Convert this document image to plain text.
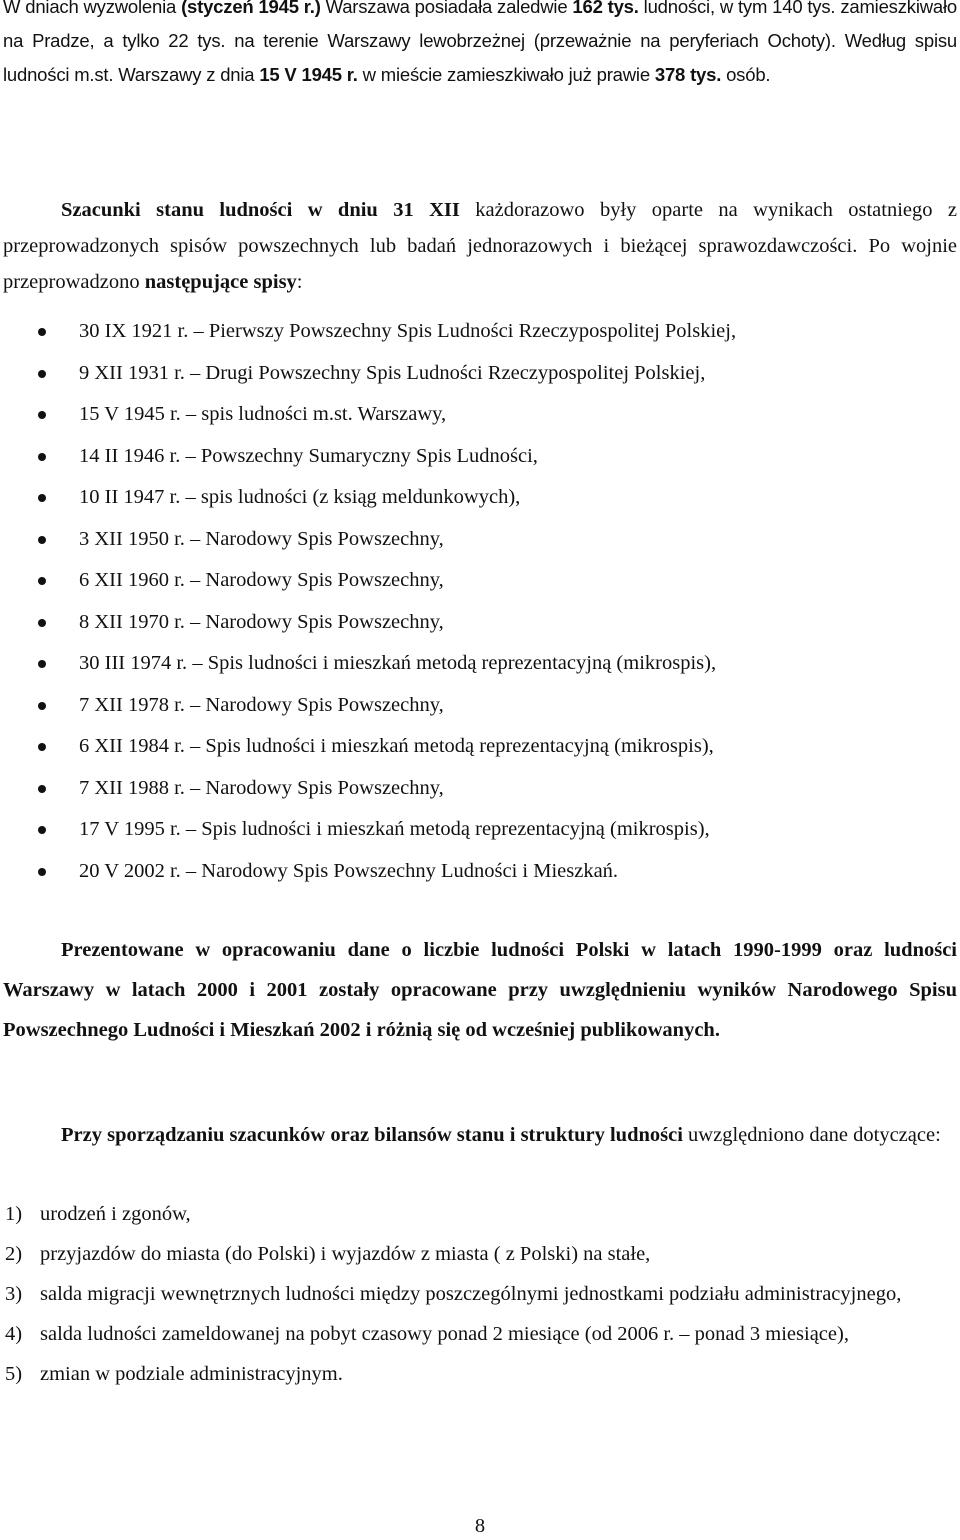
W dniach wyzwolenia (styczeń 1945 r.) Warszawa posiadała zaledwie 162 tys. ludności, w tym 140 tys. zamieszkiwało na Pradze, a tylko 22 tys. na terenie Warszawy lewobrzeżnej (przeważnie na peryferiach Ochoty). Według spisu ludności m.st. Warszawy z dnia 15 V 1945 r. w mieście zamieszkiwało już prawie 378 tys. osób.

Szacunki stanu ludności w dniu 31 XII każdorazowo były oparte na wynikach ostatniego z przeprowadzonych spisów powszechnych lub badań jednorazowych i bieżącej sprawozdawczości. Po wojnie przeprowadzono następujące spisy:

30 IX 1921 r. – Pierwszy Powszechny Spis Ludności Rzeczypospolitej Polskiej,
9 XII 1931 r. – Drugi Powszechny Spis Ludności Rzeczypospolitej Polskiej,
15 V 1945 r. – spis ludności m.st. Warszawy,
14 II 1946 r. – Powszechny Sumaryczny Spis Ludności,
10 II 1947 r. – spis ludności (z ksiąg meldunkowych),
3 XII 1950 r. – Narodowy Spis Powszechny,
6 XII 1960 r. – Narodowy Spis Powszechny,
8 XII 1970 r. – Narodowy Spis Powszechny,
30 III 1974 r. – Spis ludności i mieszkań metodą reprezentacyjną (mikrospis),
7 XII 1978 r. – Narodowy Spis Powszechny,
6 XII 1984 r. – Spis ludności i mieszkań metodą reprezentacyjną (mikrospis),
7 XII 1988 r. – Narodowy Spis Powszechny,
17 V 1995 r. – Spis ludności i mieszkań metodą reprezentacyjną (mikrospis),
20 V 2002 r. – Narodowy Spis Powszechny Ludności i Mieszkań.

Prezentowane w opracowaniu dane o liczbie ludności Polski w latach 1990-1999 oraz ludności Warszawy w latach 2000 i 2001 zostały opracowane przy uwzględnieniu wyników Narodowego Spisu Powszechnego Ludności i Mieszkań 2002 i różnią się od wcześniej publikowanych.

Przy sporządzaniu szacunków oraz bilansów stanu i struktury ludności uwzględniono dane dotyczące:

1) urodzeń i zgonów,
2) przyjazdów do miasta (do Polski) i wyjazdów z miasta ( z Polski) na stałe,
3) salda migracji wewnętrznych ludności między poszczególnymi jednostkami podziału administracyjnego,
4) salda ludności zameldowanej na pobyt czasowy ponad 2 miesiące (od 2006 r. – ponad 3 miesiące),
5) zmian w podziale administracyjnym.
8
